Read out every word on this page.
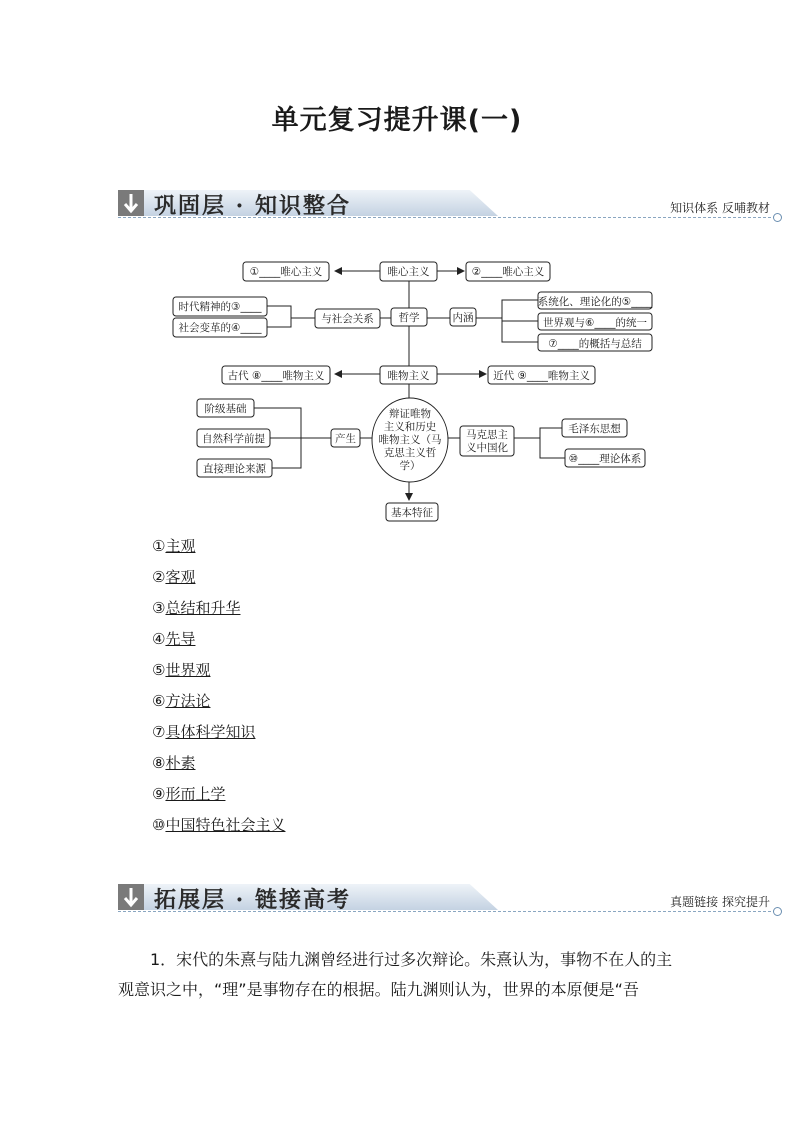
单元复习提升课(一)
巩固层 · 知识整合	知识体系 反哺教材
唯心主义
①____唯心主义	②____唯心主义
时代精神的③____
社会变革的④____
与社会关系 哲学	内涵
系统化、理论化的⑤____
世界观与⑥____的统一
⑦____的概括与总结
古代 ⑧____唯物主义	唯物主义	近代 ⑨____唯物主义
阶级基础
自然科学前提
直接理论来源
产生
辩证唯物
主义和历史
唯物主义（马
克思主义哲
学）
马克思主
义中国化
毛泽东思想
⑩____理论体系
基本特征
①主观
②客观
③总结和升华
④先导
⑤世界观
⑥方法论
⑦具体科学知识
⑧朴素
⑨形而上学
⑩中国特色社会主义
拓展层 · 链接高考	真题链接 探究提升
1．宋代的朱熹与陆九渊曾经进行过多次辩论。朱熹认为，事物不在人的主
观意识之中，“理”是事物存在的根据。陆九渊则认为，世界的本原便是“吾
